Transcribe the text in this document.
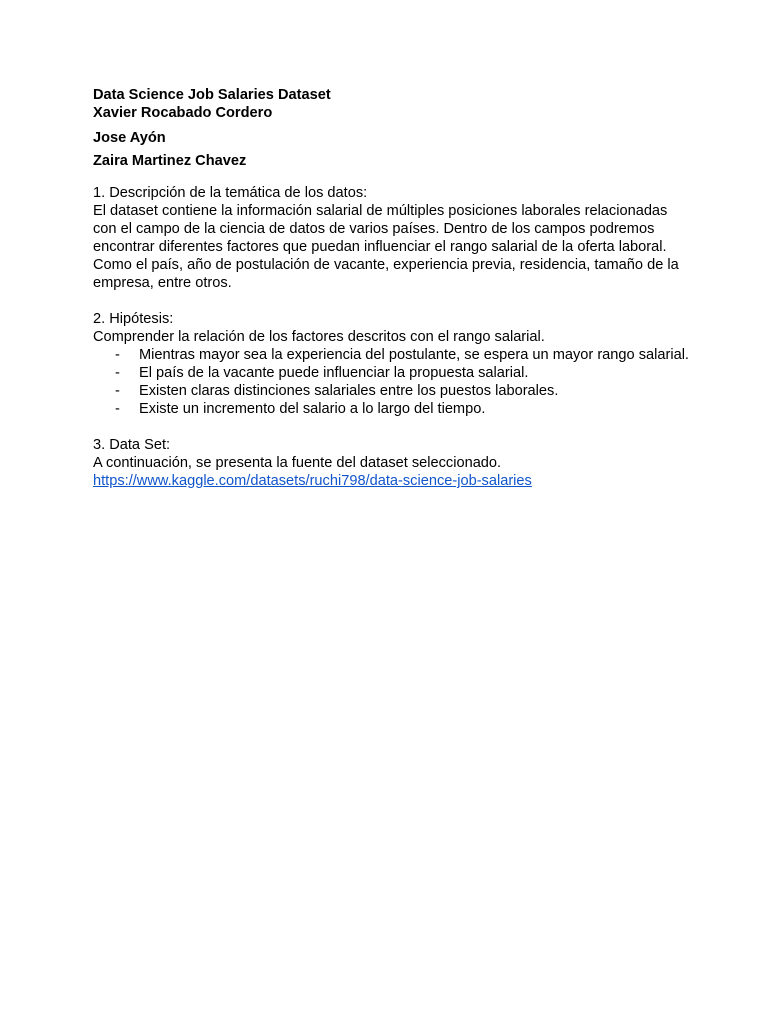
Data Science Job Salaries Dataset

Xavier Rocabado Cordero

Jose Ayón

Zaira Martinez Chavez

1. Descripción de la temática de los datos:

El dataset contiene la información salarial de múltiples posiciones laborales relacionadas

con el campo de la ciencia de datos de varios países. Dentro de los campos podremos

encontrar diferentes factores que puedan influenciar el rango salarial de la oferta laboral.

Como el país, año de postulación de vacante, experiencia previa, residencia, tamaño de la

empresa, entre otros.

2. Hipótesis:

Comprender la relación de los factores descritos con el rango salarial.

- Mientras mayor sea la experiencia del postulante, se espera un mayor rango salarial.
- El país de la vacante puede influenciar la propuesta salarial.
- Existen claras distinciones salariales entre los puestos laborales.
- Existe un incremento del salario a lo largo del tiempo.

3. Data Set:

A continuación, se presenta la fuente del dataset seleccionado.

https://www.kaggle.com/datasets/ruchi798/data-science-job-salaries
